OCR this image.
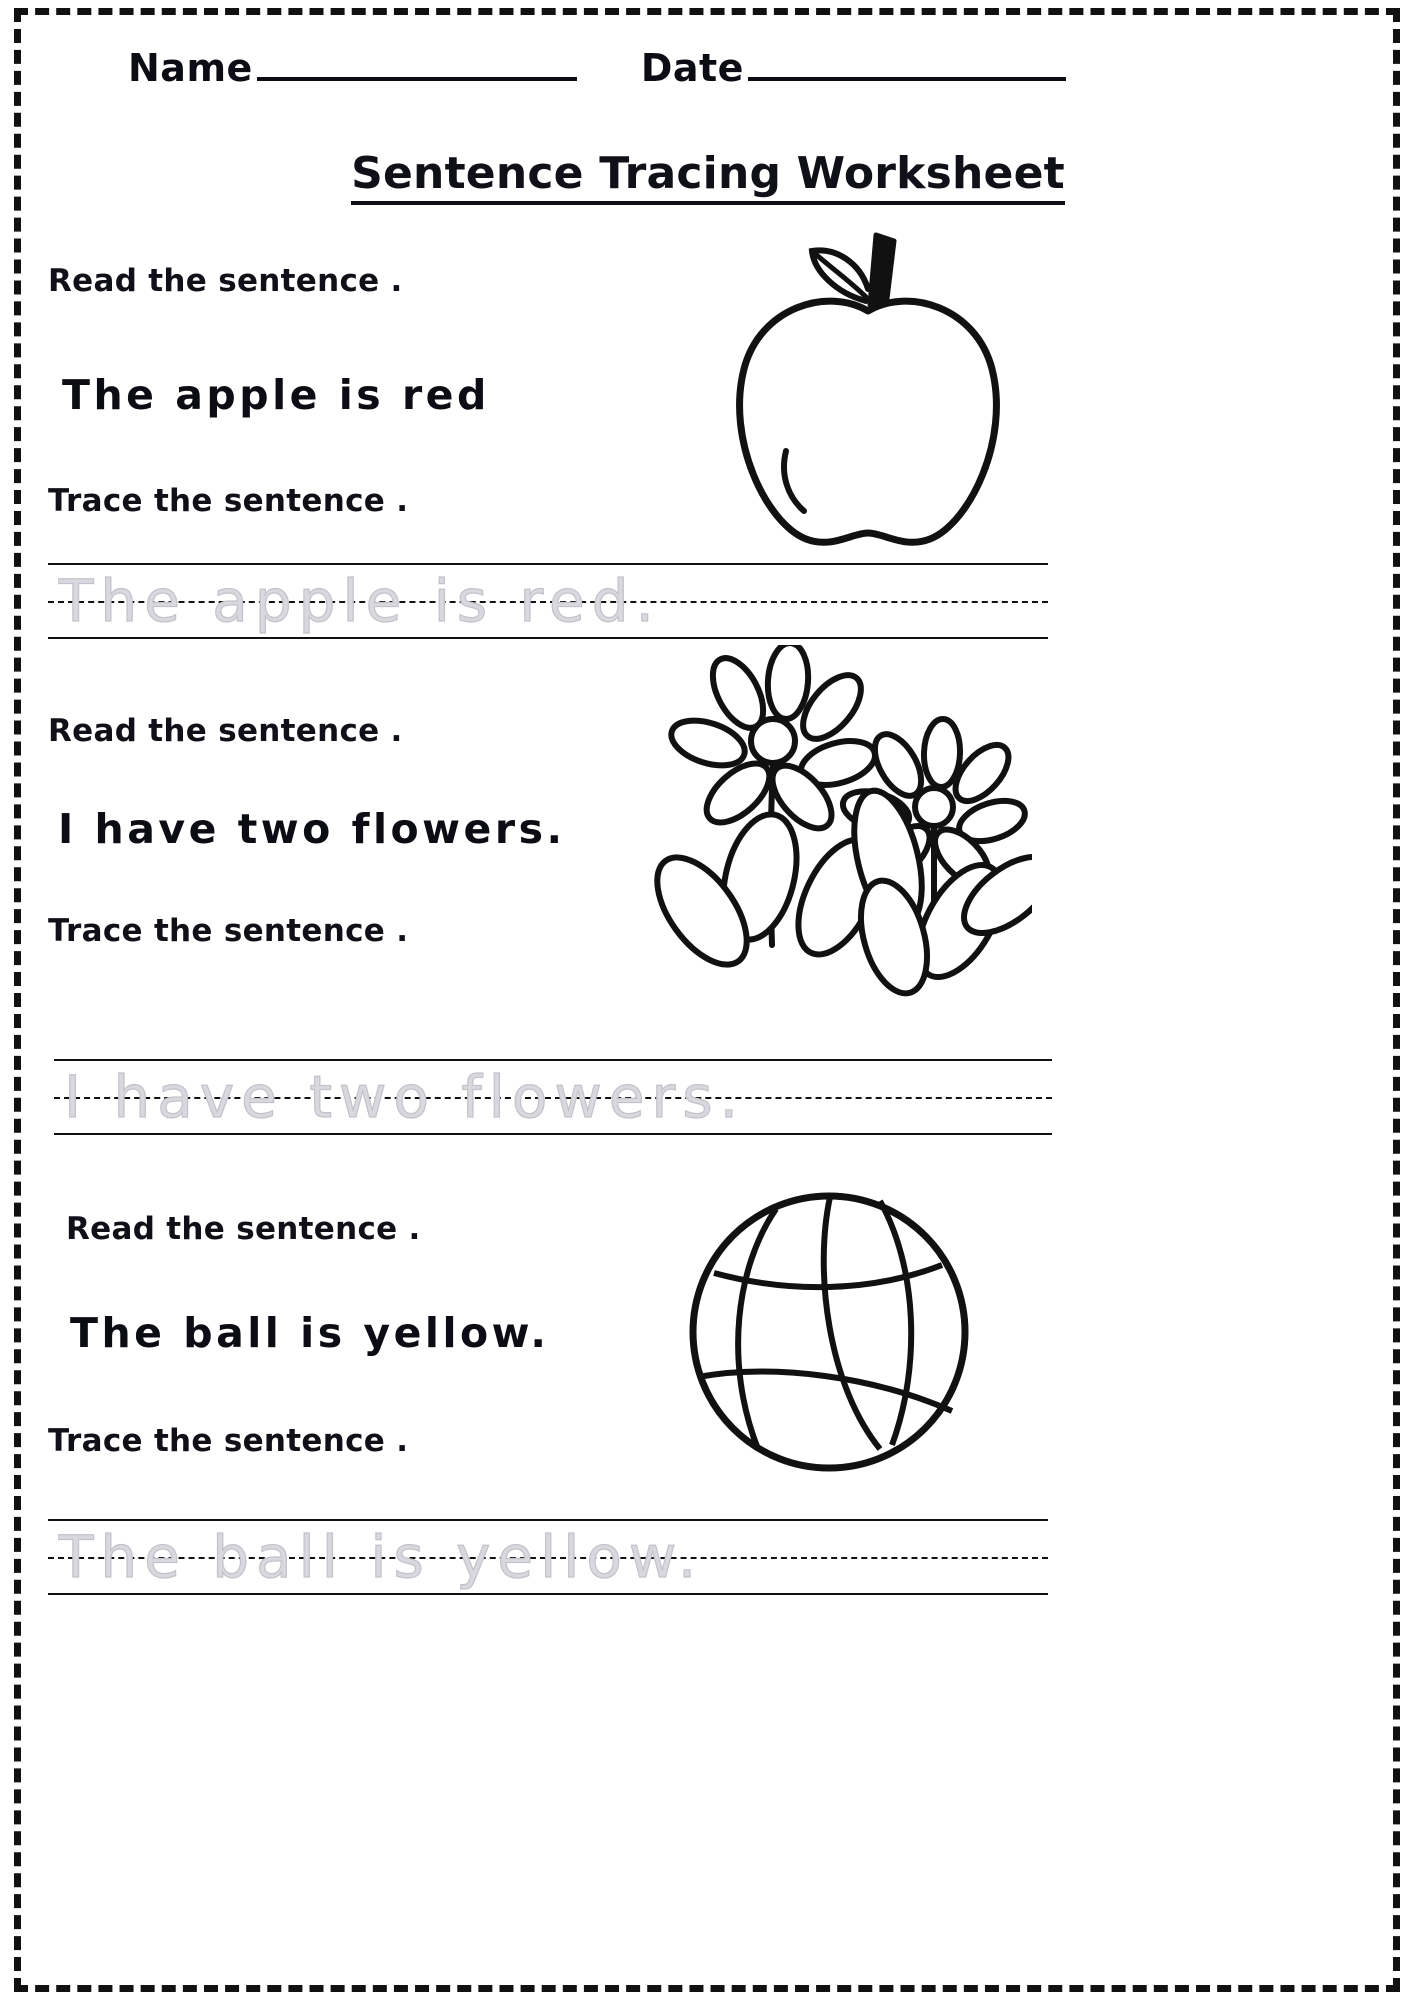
Name	Date
Sentence Tracing Worksheet
Read the sentence .
The apple is red
Trace the sentence .
The apple is red.
Read the sentence .
I have two flowers.
Trace the sentence .
I have two flowers.
Read the sentence .
The ball is yellow.
Trace the sentence .
The ball is yellow.
